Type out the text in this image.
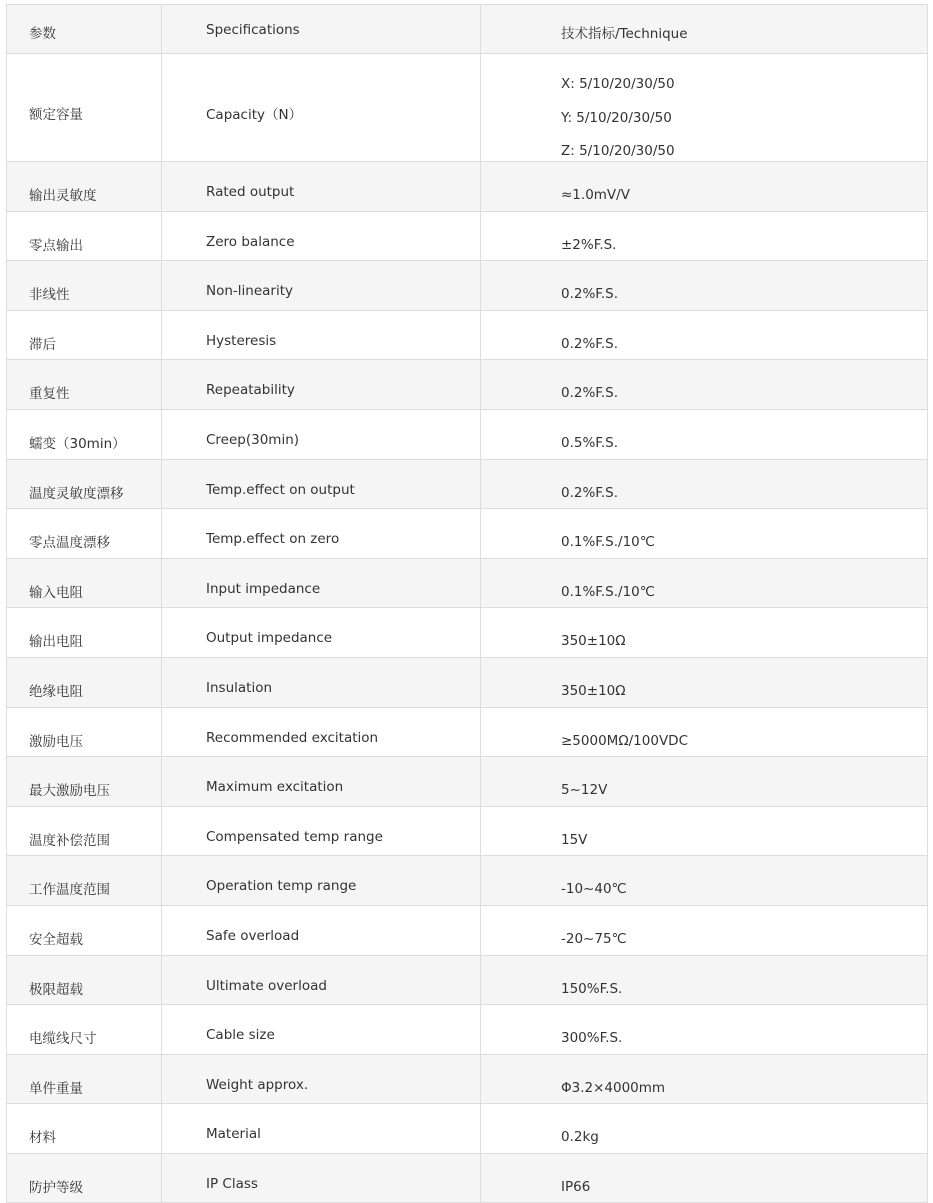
参数	Specifications	技术指标/Technique

额定容量	Capacity（N）	X: 5/10/20/30/50
Y: 5/10/20/30/50
Z: 5/10/20/30/50

输出灵敏度	Rated output	≈1.0mV/V

零点输出	Zero balance	±2%F.S.

非线性	Non-linearity	0.2%F.S.

滞后	Hysteresis	0.2%F.S.

重复性	Repeatability	0.2%F.S.

蠕变（30min）	Creep(30min)	0.5%F.S.

温度灵敏度漂移	Temp.effect on output	0.2%F.S.

零点温度漂移	Temp.effect on zero	0.1%F.S./10℃

输入电阻	Input impedance	0.1%F.S./10℃

输出电阻	Output impedance	350±10Ω

绝缘电阻	Insulation	350±10Ω

激励电压	Recommended excitation	≥5000MΩ/100VDC

最大激励电压	Maximum excitation	5~12V

温度补偿范围	Compensated temp range	15V

工作温度范围	Operation temp range	-10~40℃

安全超载	Safe overload	-20~75℃

极限超载	Ultimate overload	150%F.S.

电缆线尺寸	Cable size	300%F.S.

单件重量	Weight approx.	Φ3.2×4000mm

材料	Material	0.2kg

防护等级	IP Class	IP66
